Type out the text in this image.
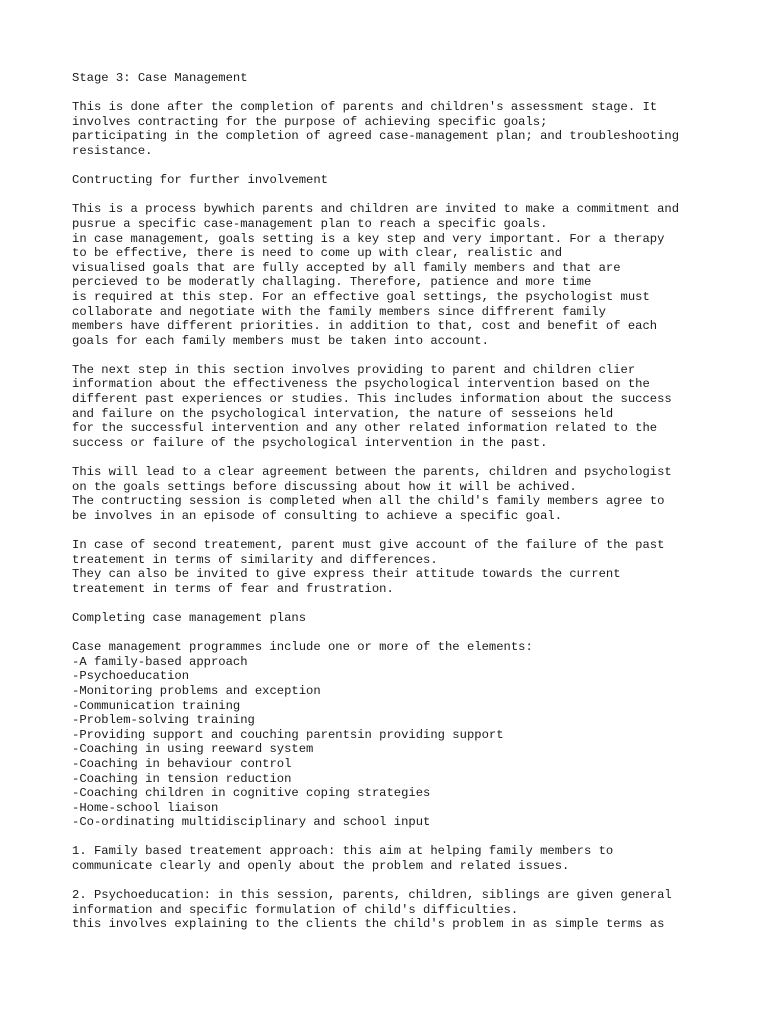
Stage 3: Case Management
This is done after the completion of parents and children's assessment stage. It
involves contracting for the purpose of achieving specific goals;
participating in the completion of agreed case-management plan; and troubleshooting
resistance.
Contructing for further involvement
This is a process bywhich parents and children are invited to make a commitment and
pusrue a specific case-management plan to reach a specific goals.
in case management, goals setting is a key step and very important. For a therapy
to be effective, there is need to come up with clear, realistic and
visualised goals that are fully accepted by all family members and that are
percieved to be moderatly challaging. Therefore, patience and more time
is required at this step. For an effective goal settings, the psychologist must
collaborate and negotiate with the family members since diffrerent family
members have different priorities. in addition to that, cost and benefit of each
goals for each family members must be taken into account.
The next step in this section involves providing to parent and children clier
information about the effectiveness the psychological intervention based on the
different past experiences or studies. This includes information about the success
and failure on the psychological intervation, the nature of sesseions held
for the successful intervention and any other related information related to the
success or failure of the psychological intervention in the past.
This will lead to a clear agreement between the parents, children and psychologist
on the goals settings before discussing about how it will be achived.
The contructing session is completed when all the child's family members agree to
be involves in an episode of consulting to achieve a specific goal.
In case of second treatement, parent must give account of the failure of the past
treatement in terms of similarity and differences.
They can also be invited to give express their attitude towards the current
treatement in terms of fear and frustration.
Completing case management plans
Case management programmes include one or more of the elements:
-A family-based approach
-Psychoeducation
-Monitoring problems and exception
-Communication training
-Problem-solving training
-Providing support and couching parentsin providing support
-Coaching in using reeward system
-Coaching in behaviour control
-Coaching in tension reduction
-Coaching children in cognitive coping strategies
-Home-school liaison
-Co-ordinating multidisciplinary and school input
1. Family based treatement approach: this aim at helping family members to
communicate clearly and openly about the problem and related issues.
2. Psychoeducation: in this session, parents, children, siblings are given general
information and specific formulation of child's difficulties.
this involves explaining to the clients the child's problem in as simple terms as
